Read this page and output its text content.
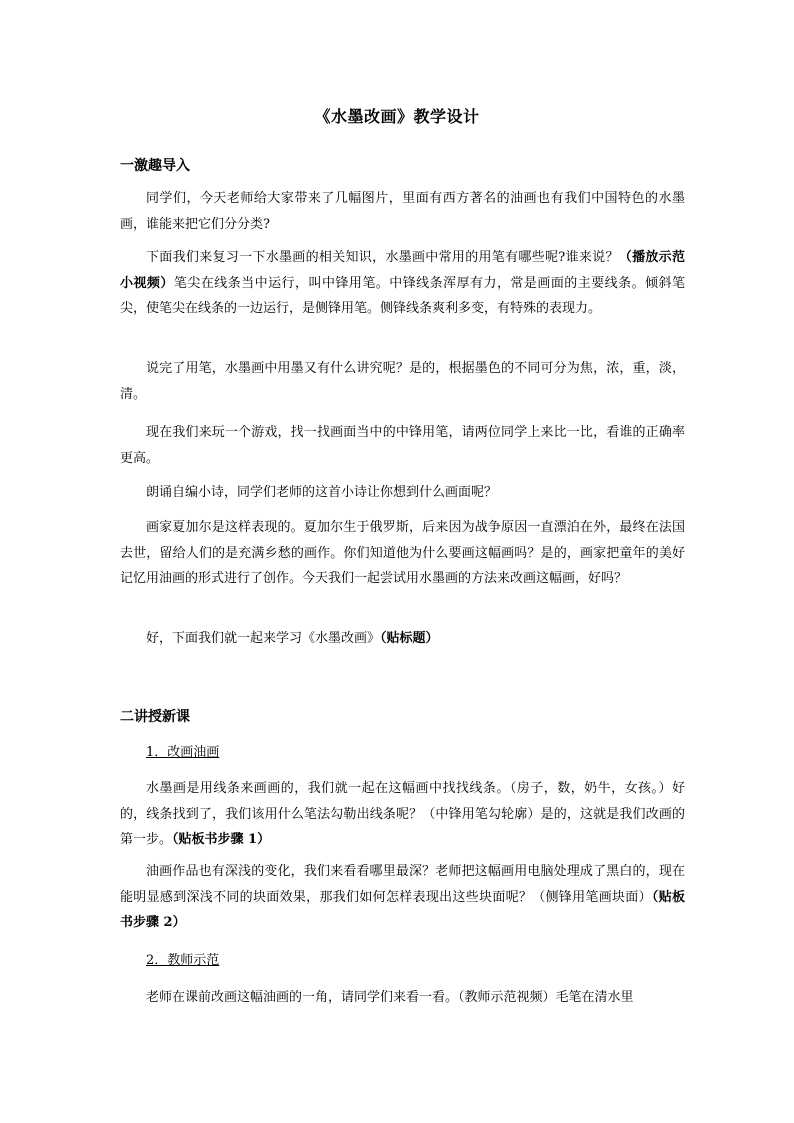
《水墨改画》教学设计
一激趣导入
同学们，今天老师给大家带来了几幅图片，里面有西方著名的油画也有我们中国特色的水墨画，谁能来把它们分分类?
下面我们来复习一下水墨画的相关知识，水墨画中常用的用笔有哪些呢?谁来说？（播放示范小视频）笔尖在线条当中运行，叫中锋用笔。中锋线条浑厚有力，常是画面的主要线条。倾斜笔尖，使笔尖在线条的一边运行，是侧锋用笔。侧锋线条爽利多变，有特殊的表现力。
说完了用笔，水墨画中用墨又有什么讲究呢？是的，根据墨色的不同可分为焦，浓，重，淡，清。
现在我们来玩一个游戏，找一找画面当中的中锋用笔，请两位同学上来比一比，看谁的正确率更高。
朗诵自编小诗，同学们老师的这首小诗让你想到什么画面呢？
画家夏加尔是这样表现的。夏加尔生于俄罗斯，后来因为战争原因一直漂泊在外，最终在法国去世，留给人们的是充满乡愁的画作。你们知道他为什么要画这幅画吗？是的，画家把童年的美好记忆用油画的形式进行了创作。今天我们一起尝试用水墨画的方法来改画这幅画，好吗？
好，下面我们就一起来学习《水墨改画》（贴标题）
二讲授新课
1．改画油画
水墨画是用线条来画画的，我们就一起在这幅画中找找线条。（房子，数，奶牛，女孩。）好的，线条找到了，我们该用什么笔法勾勒出线条呢？（中锋用笔勾轮廓）是的，这就是我们改画的第一步。（贴板书步骤 1）
油画作品也有深浅的变化，我们来看看哪里最深？老师把这幅画用电脑处理成了黑白的，现在能明显感到深浅不同的块面效果，那我们如何怎样表现出这些块面呢？（侧锋用笔画块面）（贴板书步骤 2）
2．教师示范
老师在课前改画这幅油画的一角，请同学们来看一看。（教师示范视频）毛笔在清水里
